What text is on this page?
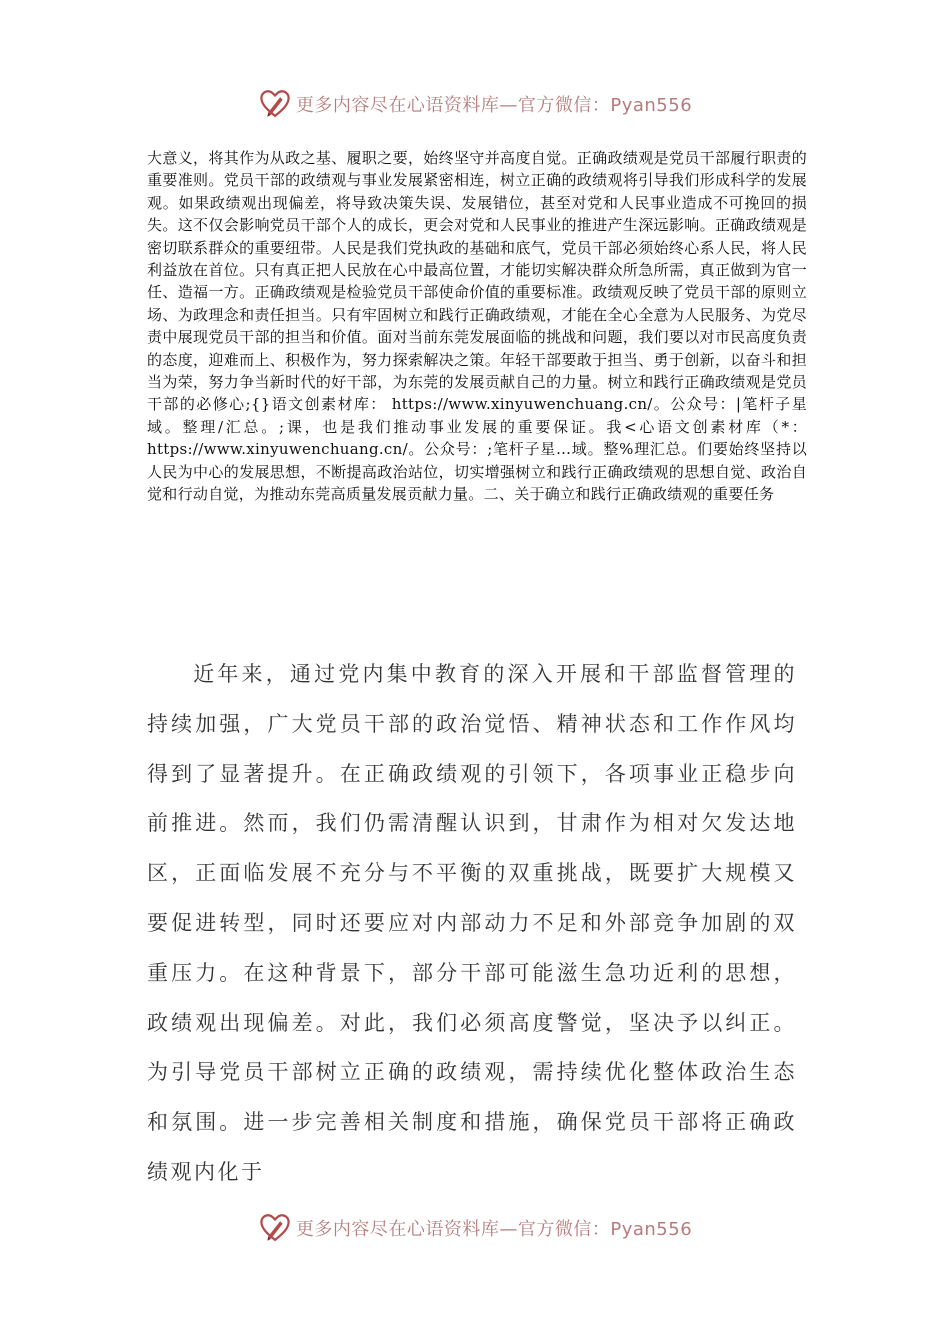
更多内容尽在心语资料库—官方微信：Pyan556
大意义，将其作为从政之基、履职之要，始终坚守并高度自觉。正确政绩观是党员干部履行职责的重要准则。党员干部的政绩观与事业发展紧密相连，树立正确的政绩观将引导我们形成科学的发展观。如果政绩观出现偏差，将导致决策失误、发展错位，甚至对党和人民事业造成不可挽回的损失。这不仅会影响党员干部个人的成长，更会对党和人民事业的推进产生深远影响。正确政绩观是密切联系群众的重要纽带。人民是我们党执政的基础和底气，党员干部必须始终心系人民，将人民利益放在首位。只有真正把人民放在心中最高位置，才能切实解决群众所急所需，真正做到为官一任、造福一方。正确政绩观是检验党员干部使命价值的重要标准。政绩观反映了党员干部的原则立场、为政理念和责任担当。只有牢固树立和践行正确政绩观，才能在全心全意为人民服务、为党尽责中展现党员干部的担当和价值。面对当前东莞发展面临的挑战和问题，我们要以对市民高度负责的态度，迎难而上、积极作为，努力探索解决之策。年轻干部要敢于担当、勇于创新，以奋斗和担当为荣，努力争当新时代的好干部，为东莞的发展贡献自己的力量。树立和践行正确政绩观是党员干部的必修心;{}语文创素材库： https://www.xinyuwenchuang.cn/。公众号：|笔杆子星域。整理/汇总。;课，也是我们推动事业发展的重要保证。我<心语文创素材库（*：https://www.xinyuwenchuang.cn/。公众号：;笔杆子星…域。整%理汇总。们要始终坚持以人民为中心的发展思想，不断提高政治站位，切实增强树立和践行正确政绩观的思想自觉、政治自觉和行动自觉，为推动东莞高质量发展贡献力量。二、关于确立和践行正确政绩观的重要任务

近年来，通过党内集中教育的深入开展和干部监督管理的持续加强，广大党员干部的政治觉悟、精神状态和工作作风均得到了显著提升。在正确政绩观的引领下，各项事业正稳步向前推进。然而，我们仍需清醒认识到，甘肃作为相对欠发达地区，正面临发展不充分与不平衡的双重挑战，既要扩大规模又要促进转型，同时还要应对内部动力不足和外部竞争加剧的双重压力。在这种背景下，部分干部可能滋生急功近利的思想，政绩观出现偏差。对此，我们必须高度警觉，坚决予以纠正。为引导党员干部树立正确的政绩观，需持续优化整体政治生态和氛围。进一步完善相关制度和措施，确保党员干部将正确政绩观内化于

更多内容尽在心语资料库—官方微信：Pyan556
